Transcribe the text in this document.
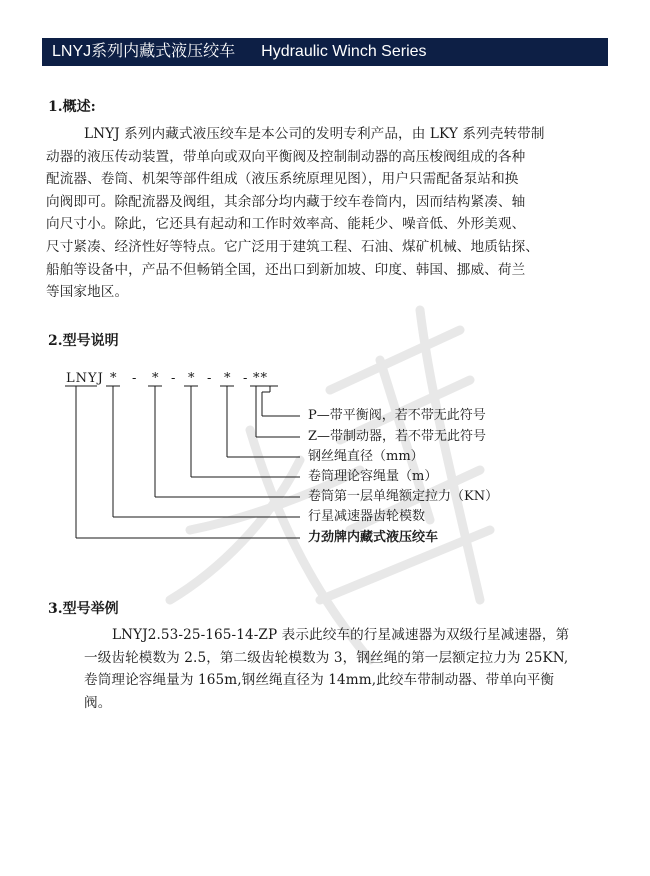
LNYJ系列内藏式液压绞车 Hydraulic Winch Series
1.概述:
LNYJ 系列内藏式液压绞车是本公司的发明专利产品，由 LKY 系列壳转带制
动器的液压传动装置，带单向或双向平衡阀及控制制动器的高压梭阀组成的各种
配流器、卷筒、机架等部件组成（液压系统原理见图），用户只需配备泵站和换
向阀即可。除配流器及阀组，其余部分均内藏于绞车卷筒内，因而结构紧凑、轴
向尺寸小。除此，它还具有起动和工作时效率高、能耗少、噪音低、外形美观、
尺寸紧凑、经济性好等特点。它广泛用于建筑工程、石油、煤矿机械、地质钻探、
船舶等设备中，产品不但畅销全国，还出口到新加坡、印度、韩国、挪威、荷兰
等国家地区。
2.型号说明
LNYJ * - * - * - * - **
P—带平衡阀，若不带无此符号
Z—带制动器，若不带无此符号
钢丝绳直径（mm）
卷筒理论容绳量（m）
卷筒第一层单绳额定拉力（KN）
行星减速器齿轮模数
力劲牌内藏式液压绞车
3.型号举例
LNYJ2.53-25-165-14-ZP 表示此绞车的行星减速器为双级行星减速器，第
一级齿轮模数为 2.5，第二级齿轮模数为 3，钢丝绳的第一层额定拉力为 25KN,
卷筒理论容绳量为 165m,钢丝绳直径为 14mm,此绞车带制动器、带单向平衡
阀。
